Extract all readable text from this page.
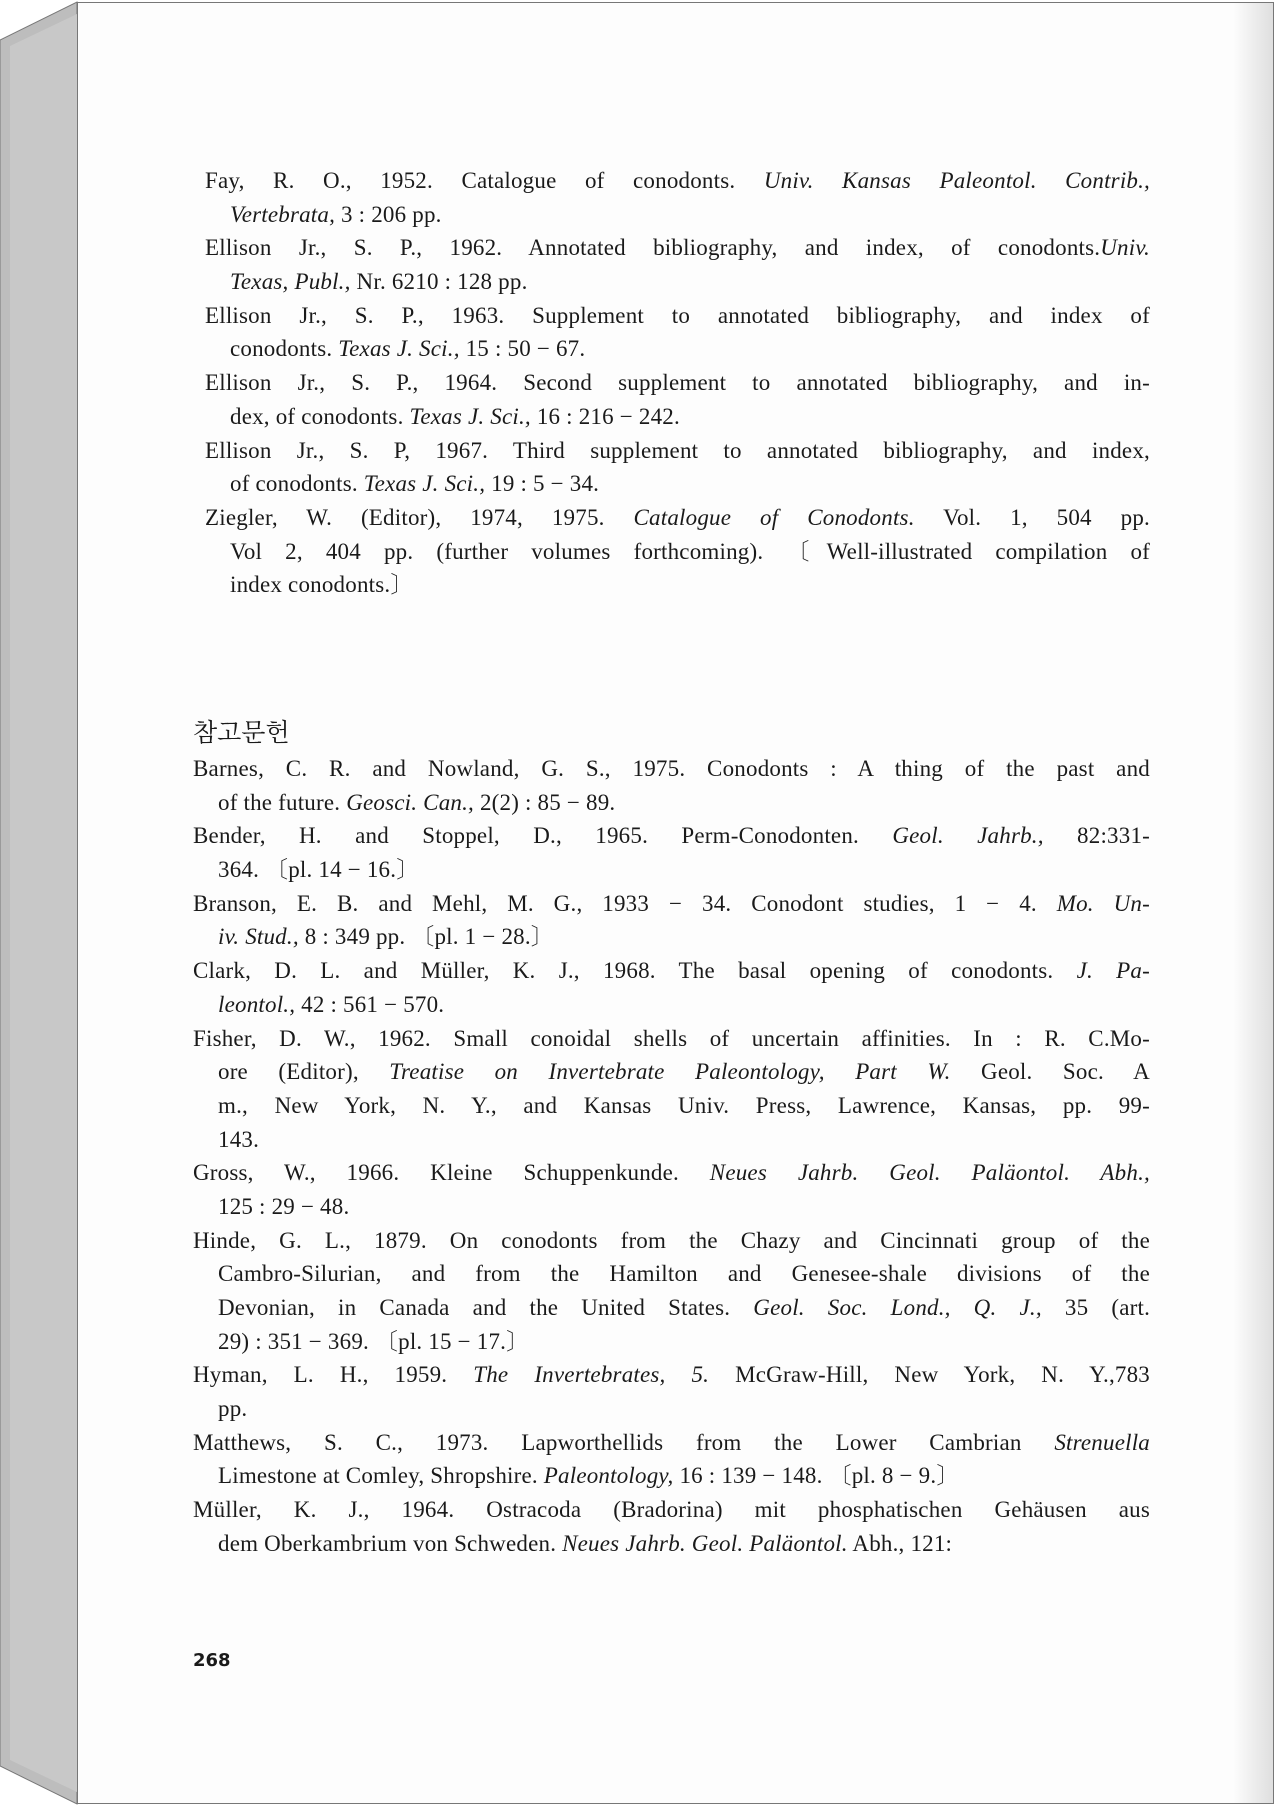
Fay, R. O., 1952. Catalogue of conodonts. Univ. Kansas Paleontol. Contrib.,
Vertebrata, 3 : 206 pp.
Ellison Jr., S. P., 1962. Annotated bibliography, and index, of conodonts.Univ.
Texas, Publ., Nr. 6210 : 128 pp.
Ellison Jr., S. P., 1963. Supplement to annotated bibliography, and index of
conodonts. Texas J. Sci., 15 : 50 − 67.
Ellison Jr., S. P., 1964. Second supplement to annotated bibliography, and in-
dex, of conodonts. Texas J. Sci., 16 : 216 − 242.
Ellison Jr., S. P, 1967. Third supplement to annotated bibliography, and index,
of conodonts. Texas J. Sci., 19 : 5 − 34.
Ziegler, W. (Editor), 1974, 1975. Catalogue of Conodonts. Vol. 1, 504 pp.
Vol 2, 404 pp. (further volumes forthcoming). 〔Well-illustrated compilation of
index conodonts.〕
참고문헌
Barnes, C. R. and Nowland, G. S., 1975. Conodonts : A thing of the past and
of the future. Geosci. Can., 2(2) : 85 − 89.
Bender, H. and Stoppel, D., 1965. Perm-Conodonten. Geol. Jahrb., 82:331-
364. 〔pl. 14 − 16.〕
Branson, E. B. and Mehl, M. G., 1933 − 34. Conodont studies, 1 − 4. Mo. Un-
iv. Stud., 8 : 349 pp. 〔pl. 1 − 28.〕
Clark, D. L. and Müller, K. J., 1968. The basal opening of conodonts. J. Pa-
leontol., 42 : 561 − 570.
Fisher, D. W., 1962. Small conoidal shells of uncertain affinities. In : R. C.Mo-
ore (Editor), Treatise on Invertebrate Paleontology, Part W. Geol. Soc. A
m., New York, N. Y., and Kansas Univ. Press, Lawrence, Kansas, pp. 99-
143.
Gross, W., 1966. Kleine Schuppenkunde. Neues Jahrb. Geol. Paläontol. Abh.,
125 : 29 − 48.
Hinde, G. L., 1879. On conodonts from the Chazy and Cincinnati group of the
Cambro-Silurian, and from the Hamilton and Genesee-shale divisions of the
Devonian, in Canada and the United States. Geol. Soc. Lond., Q. J., 35 (art.
29) : 351 − 369. 〔pl. 15 − 17.〕
Hyman, L. H., 1959. The Invertebrates, 5. McGraw-Hill, New York, N. Y.,783
pp.
Matthews, S. C., 1973. Lapworthellids from the Lower Cambrian Strenuella
Limestone at Comley, Shropshire. Paleontology, 16 : 139 − 148. 〔pl. 8 − 9.〕
Müller, K. J., 1964. Ostracoda (Bradorina) mit phosphatischen Gehäusen aus
dem Oberkambrium von Schweden. Neues Jahrb. Geol. Paläontol. Abh., 121:
268
